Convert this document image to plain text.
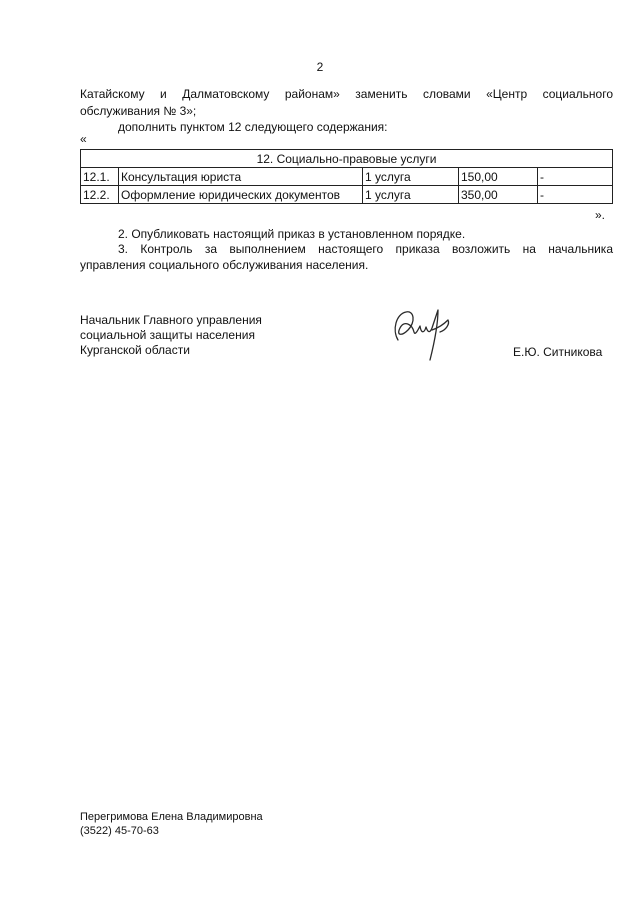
2
Катайскому и Далматовскому районам» заменить словами «Центр социального
обслуживания № 3»;
дополнить пунктом 12 следующего содержания:
«
12. Социально-правовые услуги				
12.1.	Консультация юриста	1 услуга	150,00	-
12.2.	Оформление юридических документов	1 услуга	350,00	-
».
2. Опубликовать настоящий приказ в установленном порядке.
3. Контроль за выполнением настоящего приказа возложить на начальника
управления социального обслуживания населения.
Начальник Главного управления
социальной защиты населения
Курганской области	Е.Ю. Ситникова
Перегримова Елена Владимировна
(3522) 45-70-63
